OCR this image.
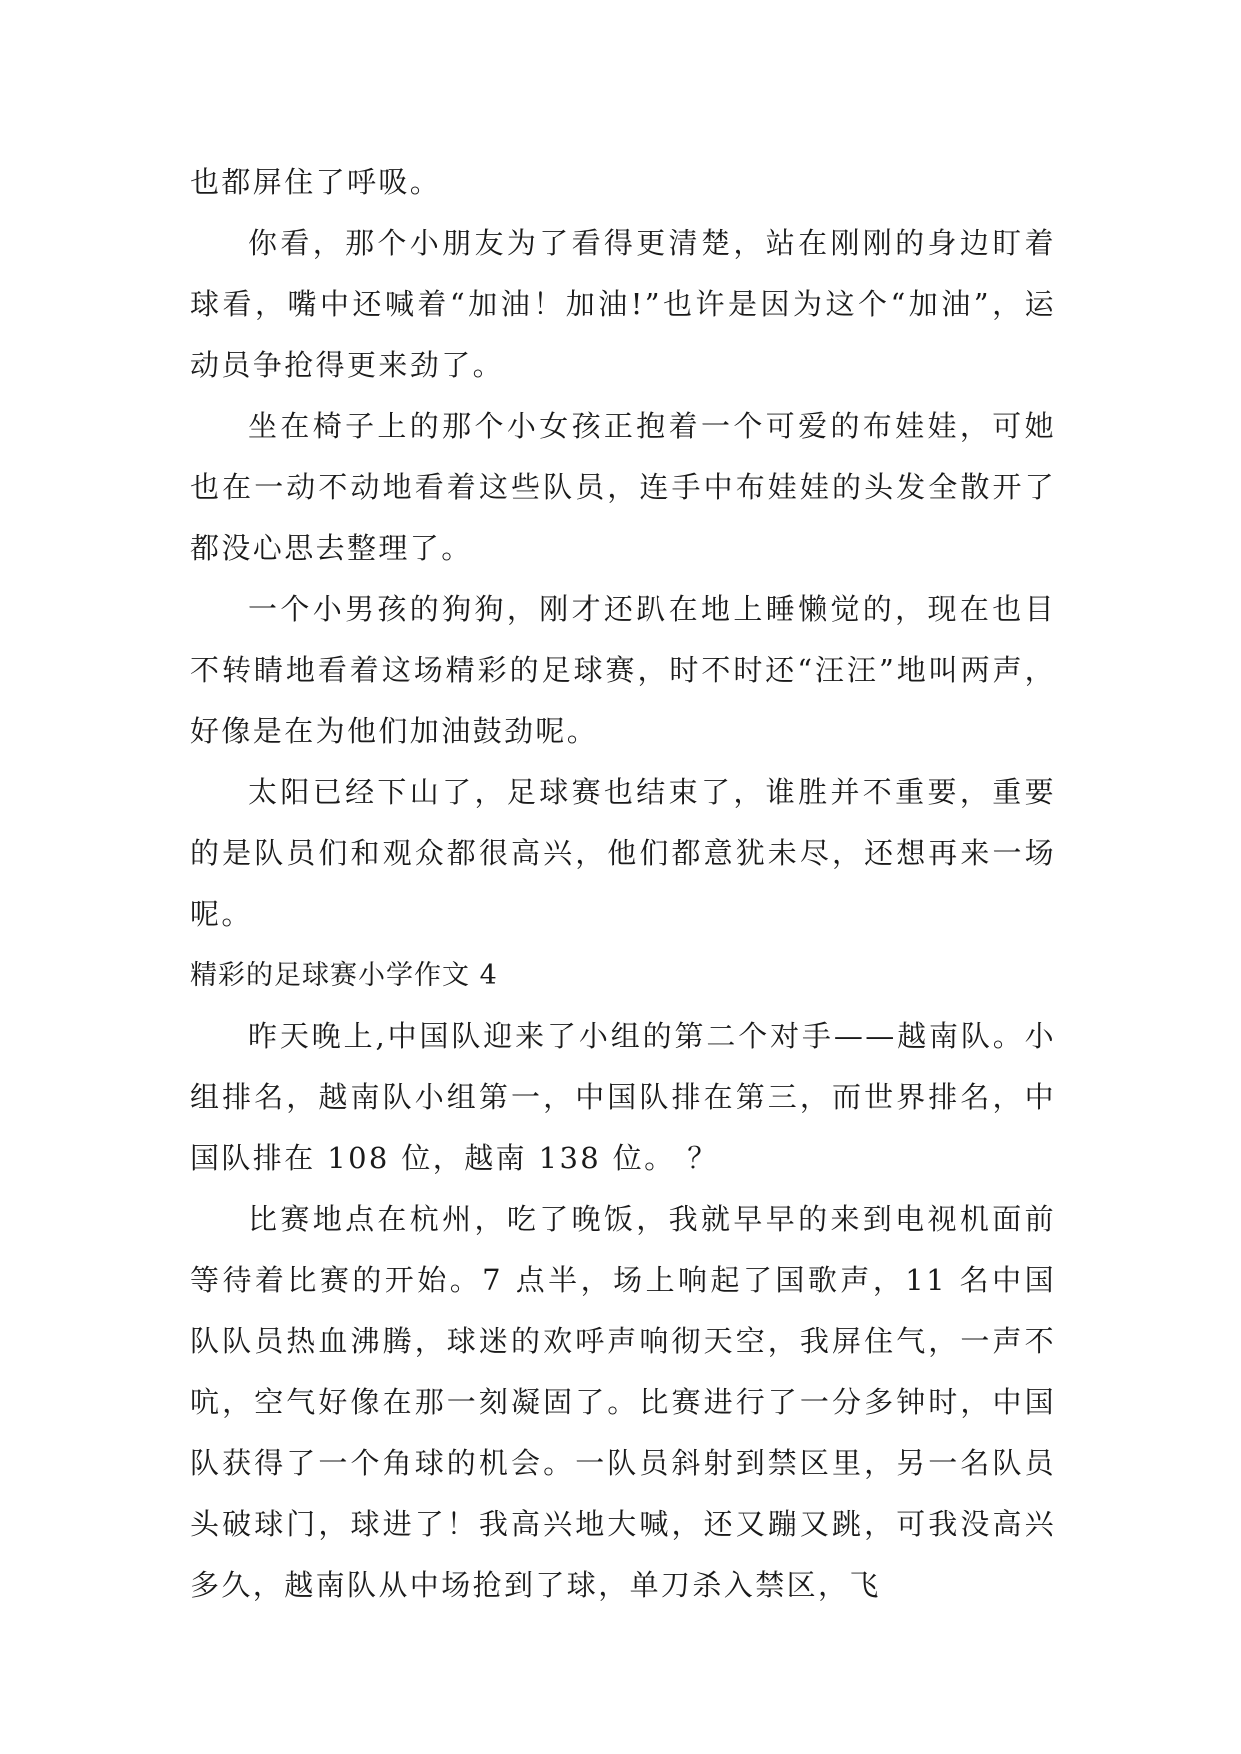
也都屏住了呼吸。

你看，那个小朋友为了看得更清楚，站在刚刚的身边盯着球看，嘴中还喊着“加油！加油!”也许是因为这个“加油”，运动员争抢得更来劲了。

坐在椅子上的那个小女孩正抱着一个可爱的布娃娃，可她也在一动不动地看着这些队员，连手中布娃娃的头发全散开了都没心思去整理了。

一个小男孩的狗狗，刚才还趴在地上睡懒觉的，现在也目不转睛地看着这场精彩的足球赛，时不时还“汪汪”地叫两声，好像是在为他们加油鼓劲呢。

太阳已经下山了，足球赛也结束了，谁胜并不重要，重要的是队员们和观众都很高兴，他们都意犹未尽，还想再来一场呢。

精彩的足球赛小学作文 4

昨天晚上,中国队迎来了小组的第二个对手——越南队。小组排名，越南队小组第一，中国队排在第三，而世界排名，中国队排在 108 位，越南 138 位。 ？

比赛地点在杭州，吃了晚饭，我就早早的来到电视机面前等待着比赛的开始。7 点半，场上响起了国歌声，11 名中国队队员热血沸腾，球迷的欢呼声响彻天空，我屏住气，一声不吭，空气好像在那一刻凝固了。比赛进行了一分多钟时，中国队获得了一个角球的机会。一队员斜射到禁区里，另一名队员头破球门，球进了！我高兴地大喊，还又蹦又跳，可我没高兴多久，越南队从中场抢到了球，单刀杀入禁区，飞
